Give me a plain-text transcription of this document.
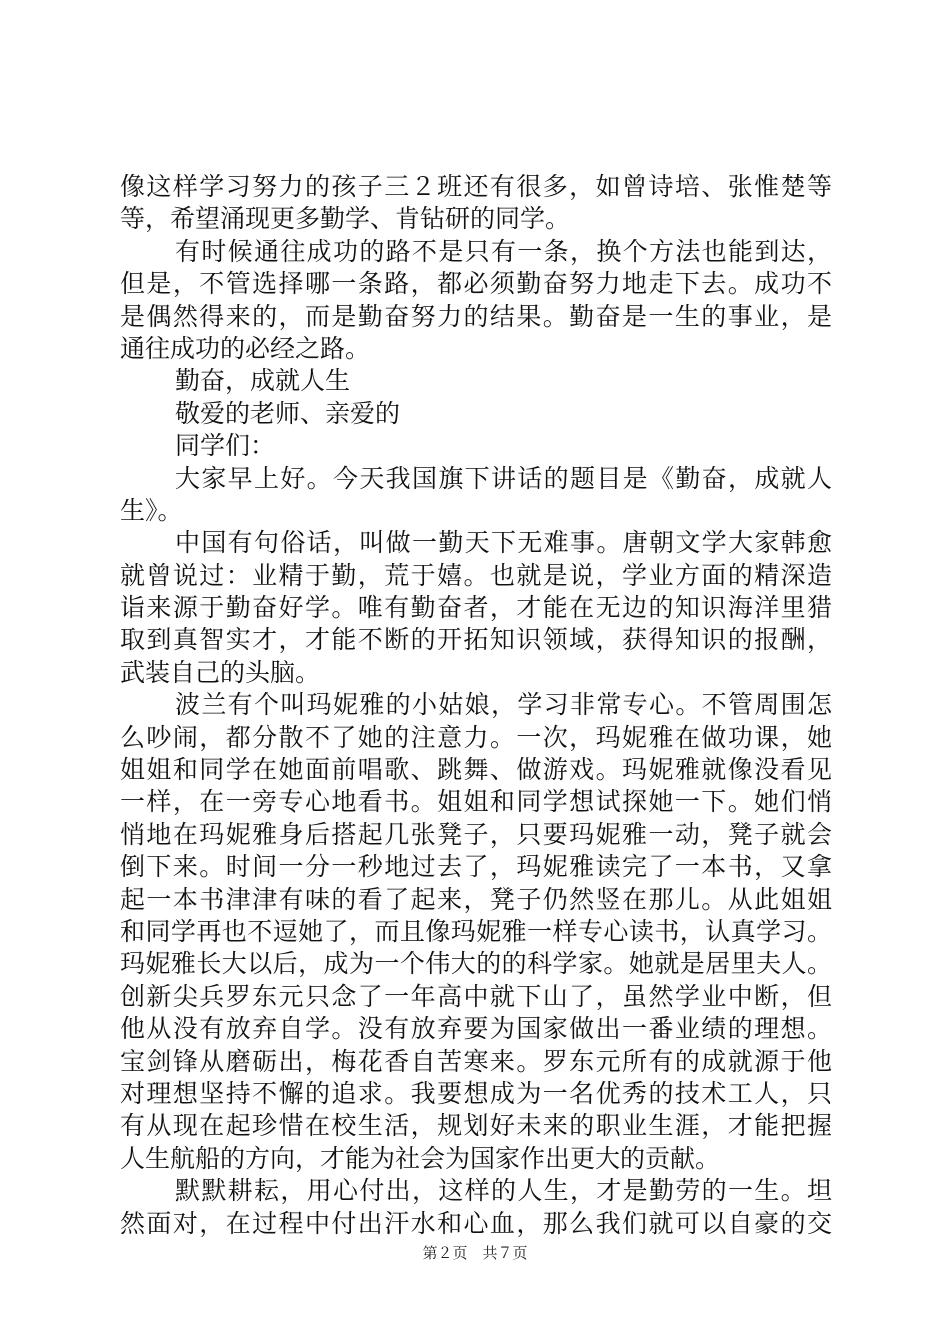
像这样学习努力的孩子三２班还有很多，如曾诗培、张惟楚等
等，希望涌现更多勤学、肯钻研的同学。
有时候通往成功的路不是只有一条，换个方法也能到达，
但是，不管选择哪一条路，都必须勤奋努力地走下去。成功不
是偶然得来的，而是勤奋努力的结果。勤奋是一生的事业，是
通往成功的必经之路。
勤奋，成就人生
敬爱的老师、亲爱的
同学们：
大家早上好。今天我国旗下讲话的题目是《勤奋，成就人
生》。
中国有句俗话，叫做一勤天下无难事。唐朝文学大家韩愈
就曾说过：业精于勤，荒于嬉。也就是说，学业方面的精深造
诣来源于勤奋好学。唯有勤奋者，才能在无边的知识海洋里猎
取到真智实才，才能不断的开拓知识领域，获得知识的报酬，
武装自己的头脑。
波兰有个叫玛妮雅的小姑娘，学习非常专心。不管周围怎
么吵闹，都分散不了她的注意力。一次，玛妮雅在做功课，她
姐姐和同学在她面前唱歌、跳舞、做游戏。玛妮雅就像没看见
一样，在一旁专心地看书。姐姐和同学想试探她一下。她们悄
悄地在玛妮雅身后搭起几张凳子，只要玛妮雅一动，凳子就会
倒下来。时间一分一秒地过去了，玛妮雅读完了一本书，又拿
起一本书津津有味的看了起来，凳子仍然竖在那儿。从此姐姐
和同学再也不逗她了，而且像玛妮雅一样专心读书，认真学习。
玛妮雅长大以后，成为一个伟大的的科学家。她就是居里夫人。
创新尖兵罗东元只念了一年高中就下山了，虽然学业中断，但
他从没有放弃自学。没有放弃要为国家做出一番业绩的理想。
宝剑锋从磨砺出，梅花香自苦寒来。罗东元所有的成就源于他
对理想坚持不懈的追求。我要想成为一名优秀的技术工人，只
有从现在起珍惜在校生活，规划好未来的职业生涯，才能把握
人生航船的方向，才能为社会为国家作出更大的贡献。
默默耕耘，用心付出，这样的人生，才是勤劳的一生。坦
然面对，在过程中付出汗水和心血，那么我们就可以自豪的交
第２页　共７页
